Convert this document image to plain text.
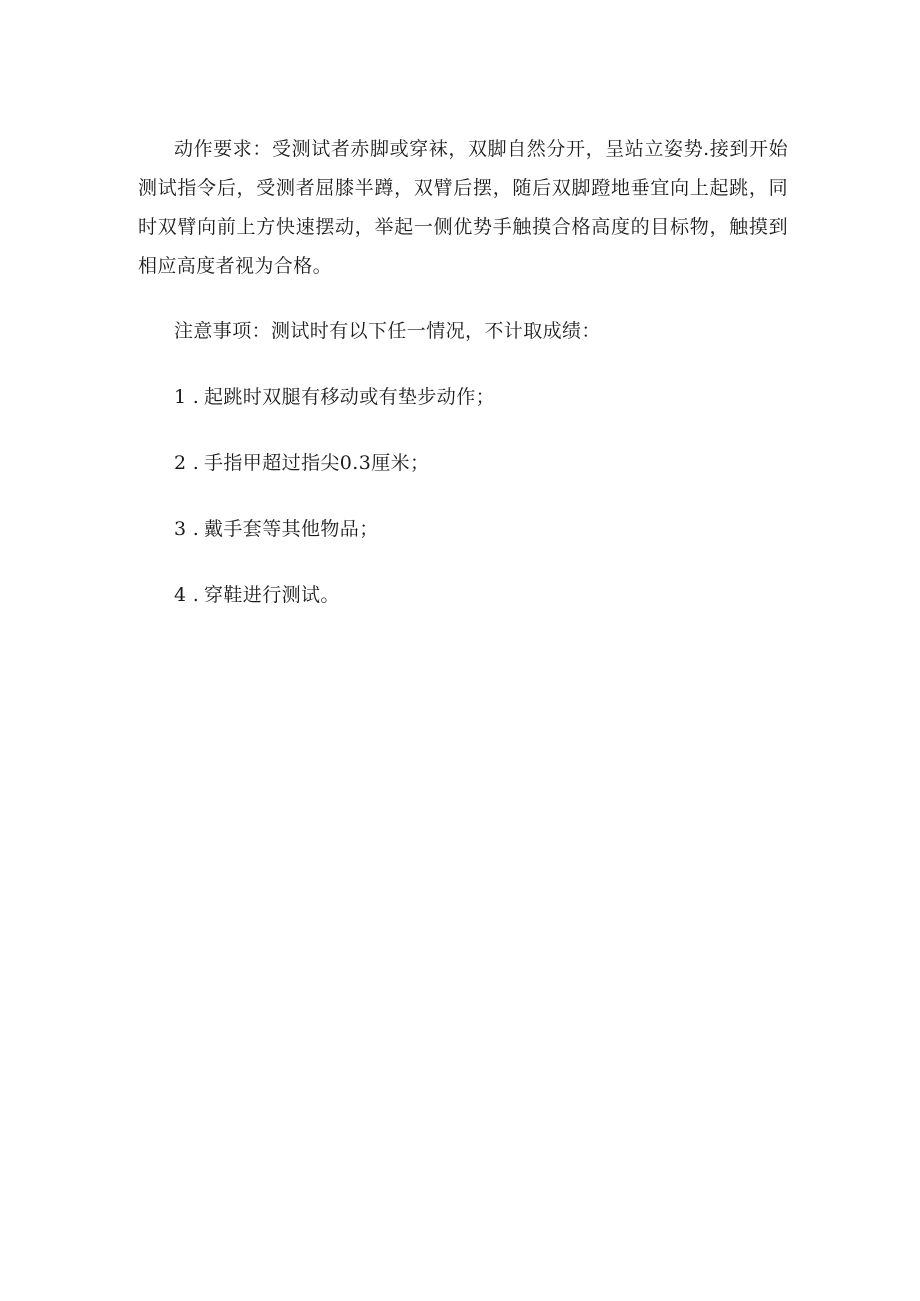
动作要求：受测试者赤脚或穿袜，双脚自然分开，呈站立姿势.接到开始测试指令后，受测者屈膝半蹲，双臂后摆，随后双脚蹬地垂宜向上起跳，同时双臂向前上方快速摆动，举起一侧优势手触摸合格高度的目标物，触摸到相应高度者视为合格。

注意事项：测试时有以下任一情况，不计取成绩：

1 . 起跳时双腿有移动或有垫步动作；
2 . 手指甲超过指尖0.3厘米；
3 . 戴手套等其他物品；
4 . 穿鞋进行测试。
